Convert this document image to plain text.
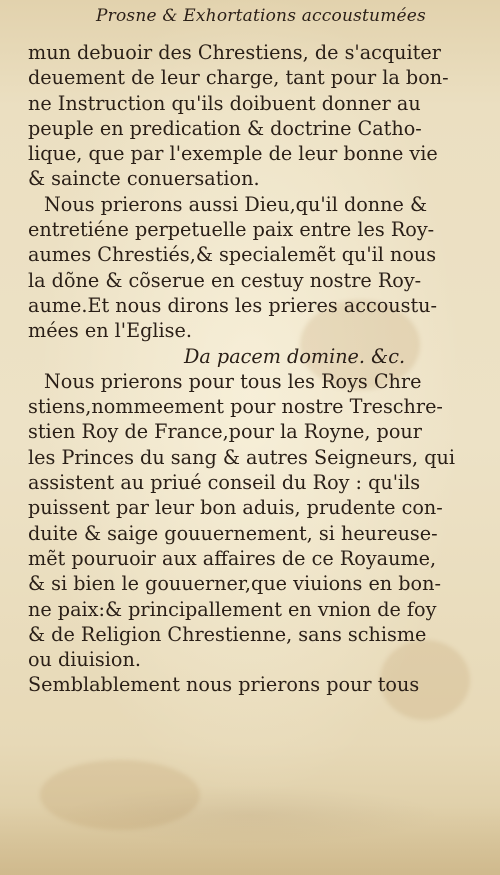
Prosne & Exhortations accoustumées
mun debuoir des Chrestiens, de s'acquiter
deuement de leur charge, tant pour la bon-
ne Instruction qu'ils doibuent donner au
peuple en predication & doctrine Catho-
lique, que par l'exemple de leur bonne vie
& saincte conuersation.
Nous prierons aussi Dieu,qu'il donne &
entretiéne perpetuelle paix entre les Roy-
aumes Chrestiés,& specialemẽt qu'il nous
la dõne & cõserue en cestuy nostre Roy-
aume.Et nous dirons les prieres accoustu-
mées en l'Eglise.
Da pacem domine. &c.
Nous prierons pour tous les Roys Chre
stiens,nommeement pour nostre Treschre-
stien Roy de France,pour la Royne, pour
les Princes du sang & autres Seigneurs, qui
assistent au priué conseil du Roy : qu'ils
puissent par leur bon aduis, prudente con-
duite & saige gouuernement, si heureuse-
mẽt pouruoir aux affaires de ce Royaume,
& si bien le gouuerner,que viuions en bon-
ne paix:& principallement en vnion de foy
& de Religion Chrestienne, sans schisme
ou diuision.
Semblablement nous prierons pour tous
